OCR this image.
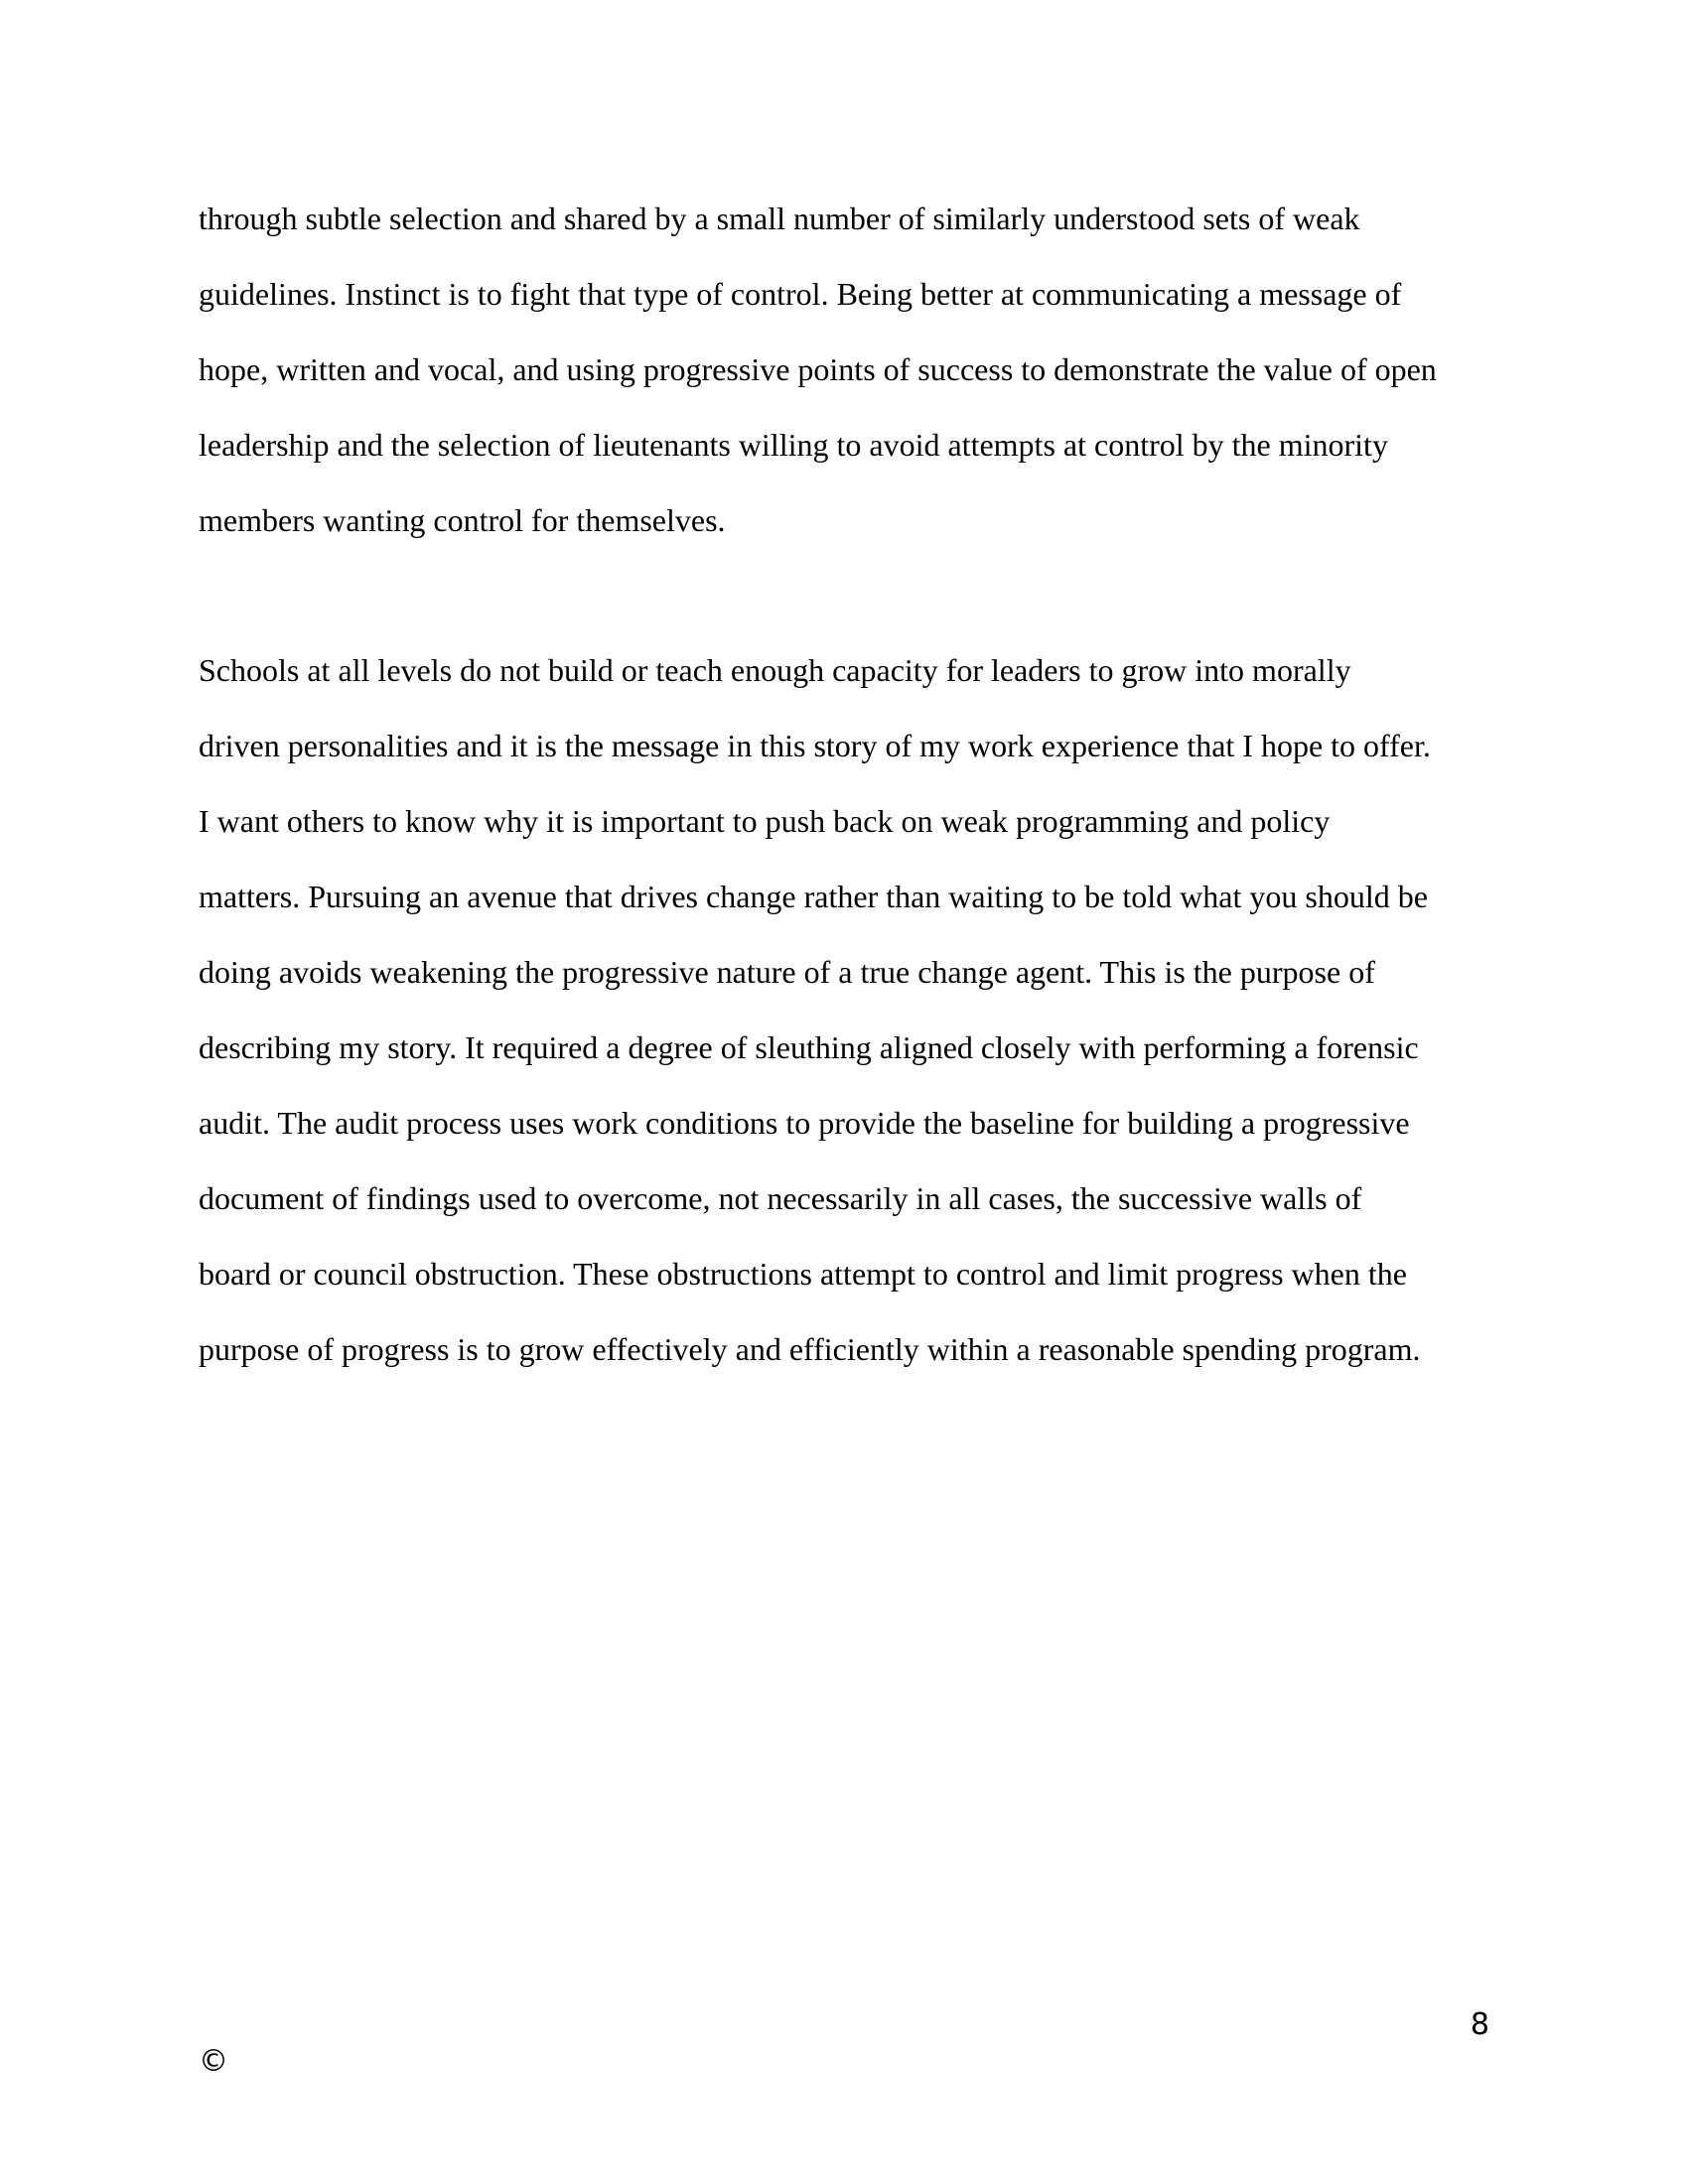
through subtle selection and shared by a small number of similarly understood sets of weak
guidelines. Instinct is to fight that type of control. Being better at communicating a message of
hope, written and vocal, and using progressive points of success to demonstrate the value of open
leadership and the selection of lieutenants willing to avoid attempts at control by the minority
members wanting control for themselves.
Schools at all levels do not build or teach enough capacity for leaders to grow into morally
driven personalities and it is the message in this story of my work experience that I hope to offer.
I want others to know why it is important to push back on weak programming and policy
matters. Pursuing an avenue that drives change rather than waiting to be told what you should be
doing avoids weakening the progressive nature of a true change agent. This is the purpose of
describing my story. It required a degree of sleuthing aligned closely with performing a forensic
audit. The audit process uses work conditions to provide the baseline for building a progressive
document of findings used to overcome, not necessarily in all cases, the successive walls of
board or council obstruction. These obstructions attempt to control and limit progress when the
purpose of progress is to grow effectively and efficiently within a reasonable spending program.
8
©
